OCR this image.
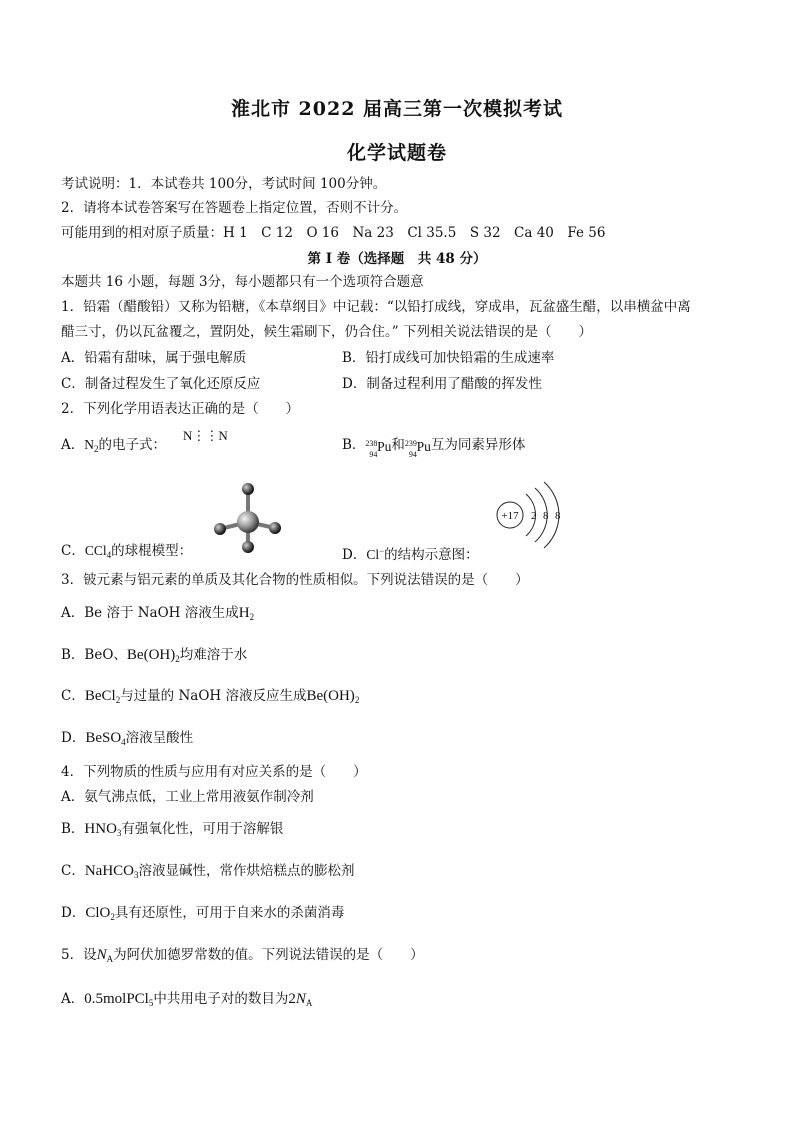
淮北市 2022 届高三第一次模拟考试
化学试题卷
考试说明：1．本试卷共 100分，考试时间 100分钟。
2．请将本试卷答案写在答题卷上指定位置，否则不计分。
可能用到的相对原子质量：H 1　C 12　O 16　Na 23　Cl 35.5　S 32　Ca 40　Fe 56
第 I 卷（选择题　共 48 分）
本题共 16 小题，每题 3分，每小题都只有一个选项符合题意
1．铅霜（醋酸铅）又称为铅糖，《本草纲目》中记载：“以铅打成线，穿成串，瓦盆盛生醋，以串横盆中离
醋三寸，仍以瓦盆覆之，置阴处，候生霜刷下，仍合住。” 下列相关说法错误的是（　　）
A．铅霜有甜味，属于强电解质	B．铅打成线可加快铅霜的生成速率
C．制备过程发生了氧化还原反应	D．制备过程利用了醋酸的挥发性
2．下列化学用语表达正确的是（　　）
A．$N_2$的电子式：
N⋮⋮N
B． 238
94
Pu 和 239
94
Pu 互为同素异形体
C．CCl$_4$的球棍模型：	D．Cl−的结构示意图：
+17 2 8 8
3．铍元素与铝元素的单质及其化合物的性质相似。下列说法错误的是（　　）
A．Be 溶于 NaOH 溶液生成$H_2$
B．BeO、$Be(OH)_2$均难溶于水
C．BeCl$_2$与过量的 NaOH 溶液反应生成$Be(OH)_2$
D．BeSO$_4$溶液呈酸性
4．下列物质的性质与应用有对应关系的是（　　）
A．氨气沸点低，工业上常用液氨作制冷剂
B．$HNO_3$有强氧化性，可用于溶解银
C．NaHCO$_3$溶液显碱性，常作烘焙糕点的膨松剂
D．ClO$_2$具有还原性，可用于自来水的杀菌消毒
5．设$N_A$为阿伏加德罗常数的值。下列说法错误的是（　　）
A．0.5molPCl$_5$中共用电子对的数目为$2N_A$
